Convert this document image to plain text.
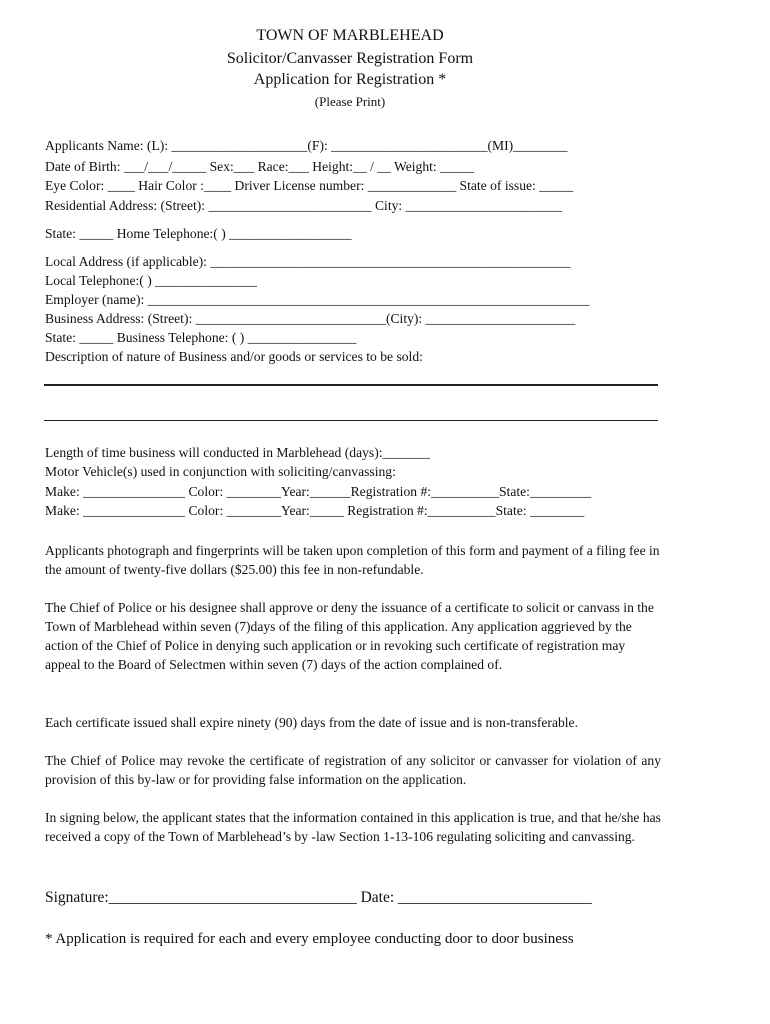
TOWN OF MARBLEHEAD
Solicitor/Canvasser Registration Form
Application for Registration *
(Please Print)
Applicants Name: (L): ____________________(F): _______________________(MI)________
Date of Birth: ___/___/_____ Sex:___ Race:___ Height:__ / __ Weight: _____
Eye Color: ____ Hair Color :____ Driver License number: _____________ State of issue: _____
Residential Address: (Street): ________________________ City: _______________________
State: _____ Home Telephone:( ) __________________
Local Address (if applicable): _____________________________________________________
Local Telephone:( ) _______________
Employer (name): _________________________________________________________________
Business Address: (Street): ____________________________(City): ______________________
State: _____ Business Telephone: ( ) ________________
Description of nature of Business and/or goods or services to be sold:
Length of time business will conducted in Marblehead (days):_______
Motor Vehicle(s) used in conjunction with soliciting/canvassing:
Make: _______________ Color: ________Year:______Registration #:__________State:_________
Make: _______________ Color: ________Year:_____ Registration #:__________State: ________
Applicants photograph and fingerprints will be taken upon completion of this form and payment of a filing fee in the amount of twenty-five dollars ($25.00) this fee in non-refundable.
The Chief of Police or his designee shall approve or deny the issuance of a certificate to solicit or canvass in the Town of Marblehead within seven (7)days of the filing of this application. Any application aggrieved by the action of the Chief of Police in denying such application or in revoking such certificate of registration may appeal to the Board of Selectmen within seven (7) days of the action complained of.
Each certificate issued shall expire ninety (90) days from the date of issue and is non-transferable.
The Chief of Police may revoke the certificate of registration of any solicitor or canvasser for violation of any provision of this by-law or for providing false information on the application.
In signing below, the applicant states that the information contained in this application is true, and that he/she has received a copy of the Town of Marblehead’s by -law Section 1-13-106 regulating soliciting and canvassing.
Signature:________________________________ Date: _________________________
* Application is required for each and every employee conducting door to door business
